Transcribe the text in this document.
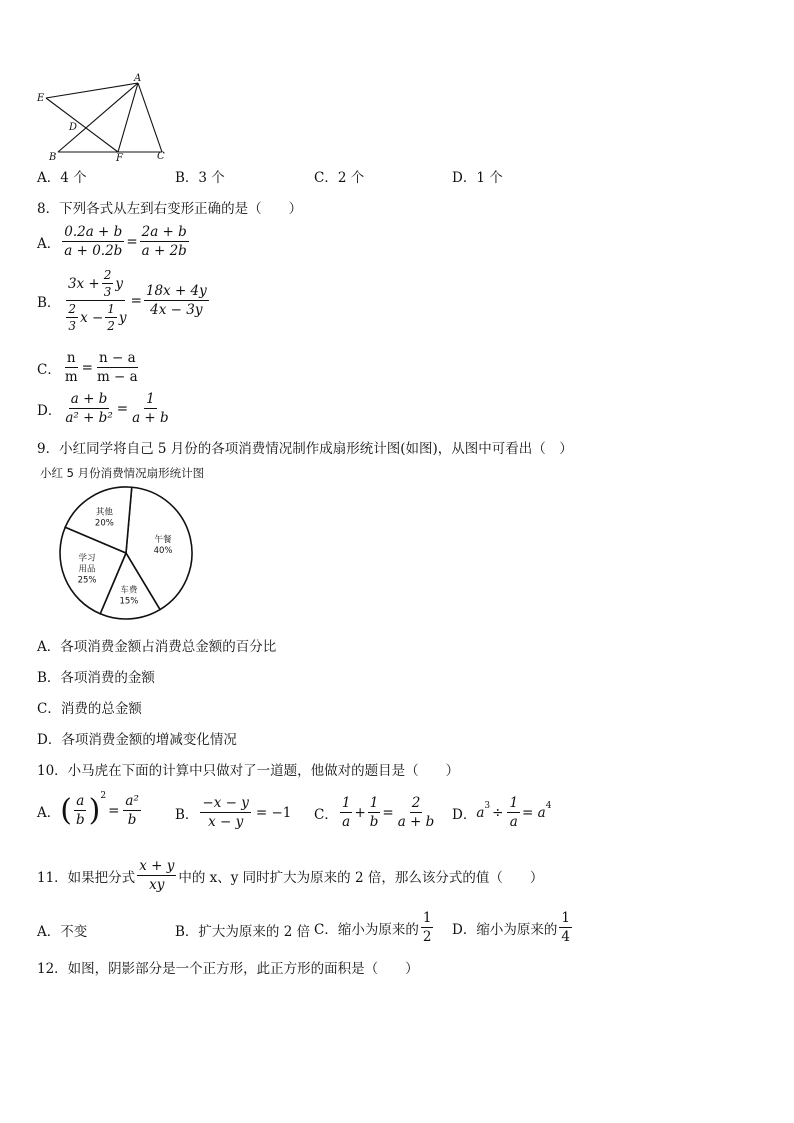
E
A
D
B	F	C
A．4 个	B．3 个	C．2 个	D．1 个
8．下列各式从左到右变形正确的是（　　）
A． $\frac{0.2a + b}{a + 0.2b} = \frac{2a + b}{a + 2b}$
B． $\frac{3x + \frac{2}{3} y}{\frac{2}{3} x - \frac{1}{2} y} = \frac{18x + 4y}{4x - 3y}$
C． $\frac{n}{m} = \frac{n - a}{m - a}$
D． $\frac{a + b}{\text{a² + b²}} = \frac{1}{a + b}$
9．小红同学将自己 5 月份的各项消费情况制作成扇形统计图(如图)，从图中可看出（　）
小红 5 月份消费情况扇形统计图
午餐 40%
车费 15%
学习用品 25%
其他 20%
A．各项消费金额占消费总金额的百分比
B．各项消费的金额
C．消费的总金额
D．各项消费金额的增减变化情况
10．小马虎在下面的计算中只做对了一道题，他做对的题目是（　　）
A． ( $\frac{a}{b} )^2$
= $\frac{\text{a²}}{b}$	B． $\frac{-x - y}{x - y} = -1$ C． $\frac{1}{a} + \frac{1}{b} = \frac{2}{a + b}$ D． $a^3 \div \frac{1}{a} = a^4$
11．如果把分式 $\frac{x + y}{xy}$ 中的 x、y 同时扩大为原来的 2 倍，那么该分式的值（　　）
A．不变	B．扩大为原来的 2 倍 C．缩小为原来的 $\frac{1}{2}$ D．缩小为原来的 $\frac{1}{4}$
12．如图，阴影部分是一个正方形，此正方形的面积是（　　）
